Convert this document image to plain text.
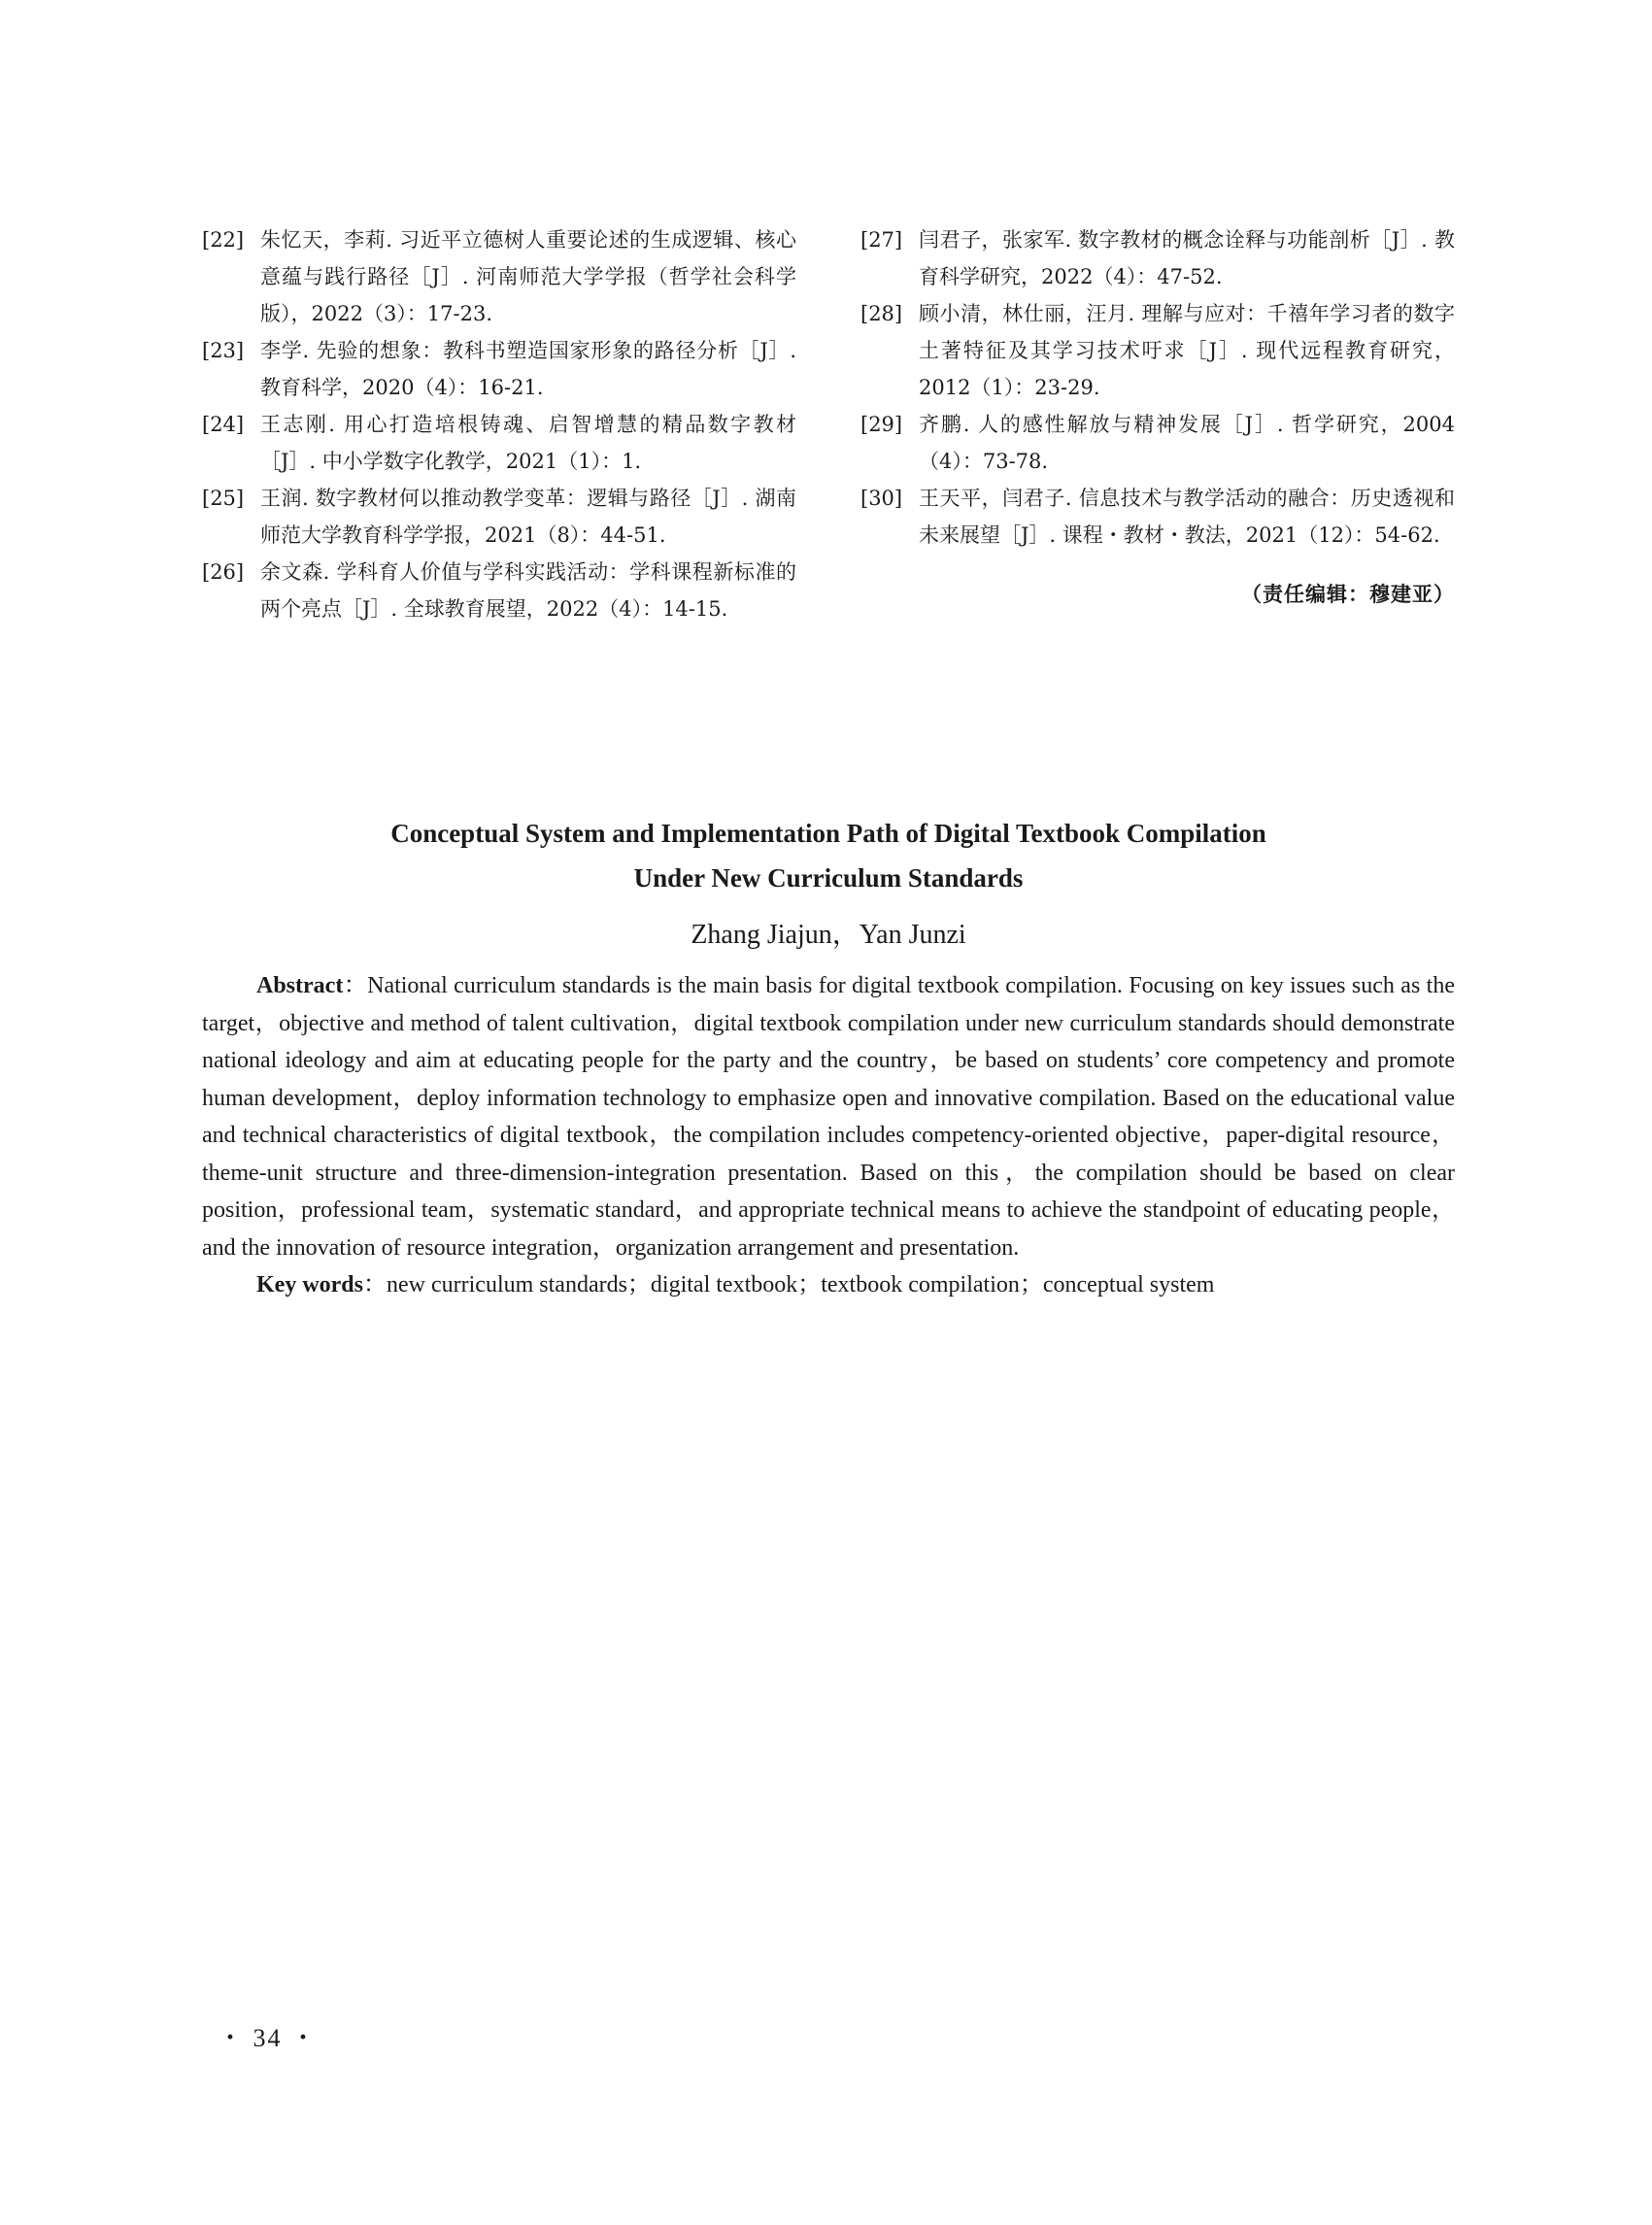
[22] 朱忆天，李莉. 习近平立德树人重要论述的生成逻辑、核心意蕴与践行路径［J］. 河南师范大学学报（哲学社会科学版），2022（3）：17-23.
[23] 李学. 先验的想象：教科书塑造国家形象的路径分析［J］. 教育科学，2020（4）：16-21.
[24] 王志刚. 用心打造培根铸魂、启智增慧的精品数字教材［J］. 中小学数字化教学，2021（1）：1.
[25] 王润. 数字教材何以推动教学变革：逻辑与路径［J］. 湖南师范大学教育科学学报，2021（8）：44-51.
[26] 余文森. 学科育人价值与学科实践活动：学科课程新标准的两个亮点［J］. 全球教育展望，2022（4）：14-15.
[27] 闫君子，张家军. 数字教材的概念诠释与功能剖析［J］. 教育科学研究，2022（4）：47-52.
[28] 顾小清，林仕丽，汪月. 理解与应对：千禧年学习者的数字土著特征及其学习技术吁求［J］. 现代远程教育研究，2012（1）：23-29.
[29] 齐鹏. 人的感性解放与精神发展［J］. 哲学研究，2004（4）：73-78.
[30] 王天平，闫君子. 信息技术与教学活动的融合：历史透视和未来展望［J］. 课程・教材・教法，2021（12）：54-62.
（责任编辑：穆建亚）
Conceptual System and Implementation Path of Digital Textbook Compilation
Under New Curriculum Standards
Zhang Jiajun，Yan Junzi

Abstract：National curriculum standards is the main basis for digital textbook compilation. Focusing on key issues such as the target，objective and method of talent cultivation，digital textbook compilation under new curriculum standards should demonstrate national ideology and aim at educating people for the party and the country，be based on students’ core competency and promote human development，deploy information technology to emphasize open and innovative compilation. Based on the educational value and technical characteristics of digital textbook，the compilation includes competency-oriented objective，paper-digital resource，theme-unit structure and three-dimension-integration presentation. Based on this，the compilation should be based on clear position，professional team，systematic standard，and appropriate technical means to achieve the standpoint of educating people，and the innovation of resource integration，organization arrangement and presentation.

Key words：new curriculum standards；digital textbook；textbook compilation；conceptual system

・ 34 ・
